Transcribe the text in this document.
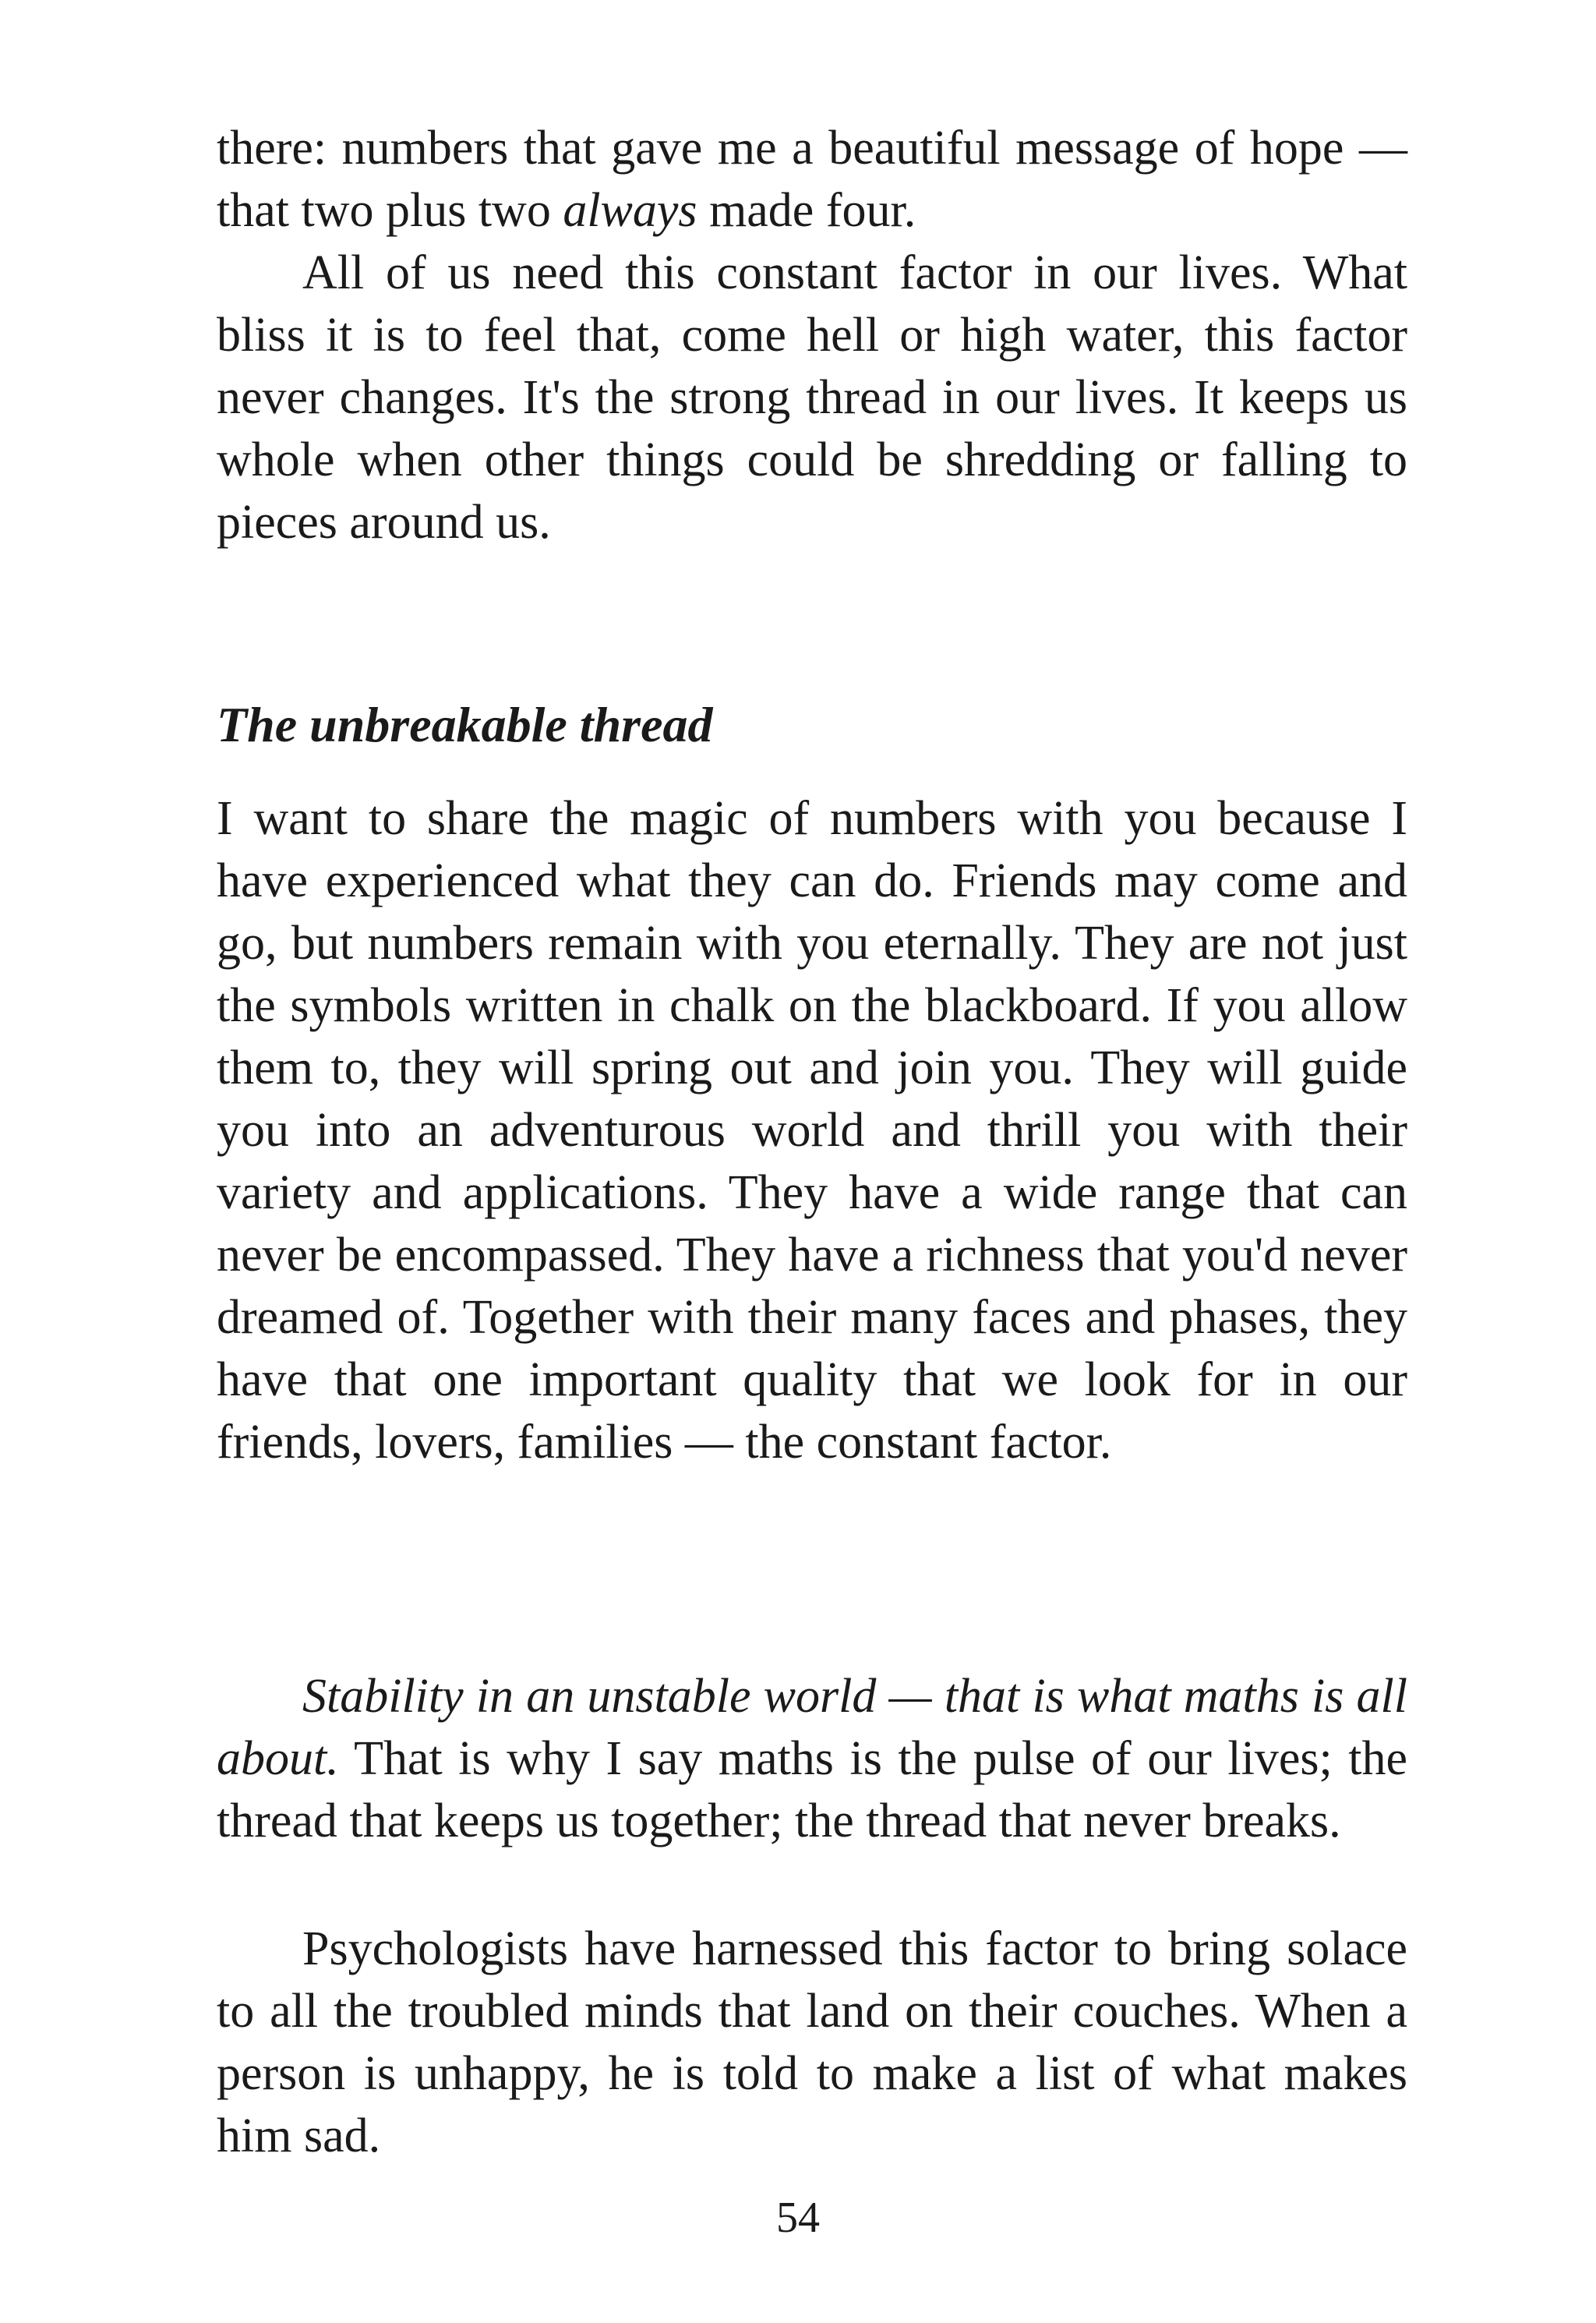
there: numbers that gave me a beautiful message of hope — that two plus two always made four.

All of us need this constant factor in our lives. What bliss it is to feel that, come hell or high water, this factor never changes. It's the strong thread in our lives. It keeps us whole when other things could be shredding or falling to pieces around us.

The unbreakable thread

I want to share the magic of numbers with you because I have experienced what they can do. Friends may come and go, but numbers remain with you eternally. They are not just the symbols written in chalk on the blackboard. If you allow them to, they will spring out and join you. They will guide you into an adventurous world and thrill you with their variety and applications. They have a wide range that can never be encompassed. They have a richness that you'd never dreamed of. Together with their many faces and phases, they have that one important quality that we look for in our friends, lovers, families — the constant factor.

Stability in an unstable world — that is what maths is all about. That is why I say maths is the pulse of our lives; the thread that keeps us together; the thread that never breaks.

Psychologists have harnessed this factor to bring solace to all the troubled minds that land on their couches. When a person is unhappy, he is told to make a list of what makes him sad.

54
